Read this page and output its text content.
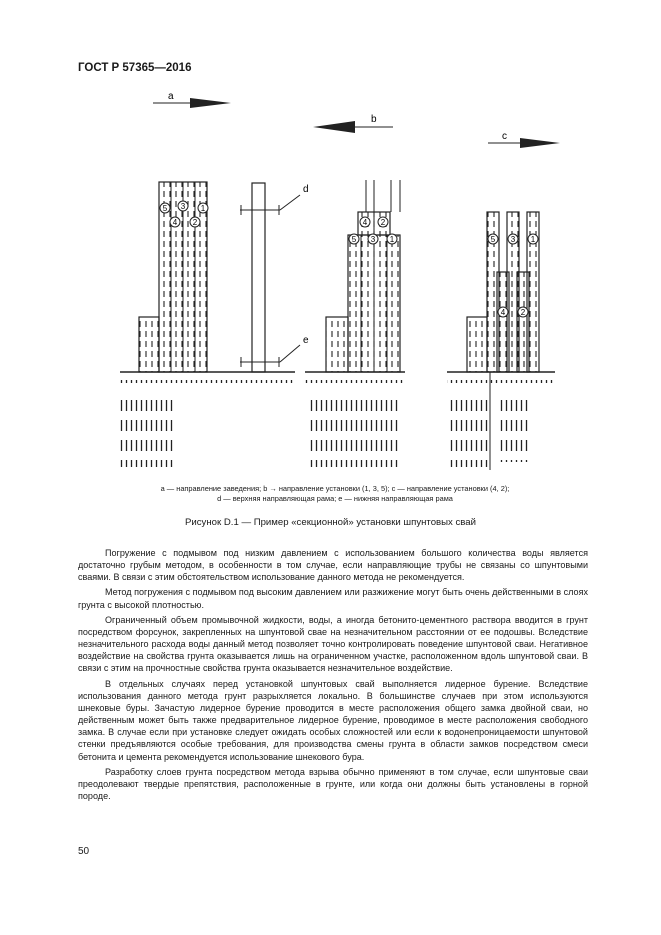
ГОСТ Р 57365—2016
a
b
c
d
e
5 3 1
4 2	4 2
5 3 1	5 3 1
4 2
a — направление заведения; b → направление установки (1, 3, 5); c — направление установки (4, 2);
d — верхняя направляющая рама; e — нижняя направляющая рама
Рисунок D.1 — Пример «секционной» установки шпунтовых свай

Погружение с подмывом под низким давлением с использованием большого количества воды является достаточно грубым методом, в особенности в том случае, если направляющие трубы не связаны со шпунтовыми сваями. В связи с этим обстоятельством использование данного метода не рекомендуется.

Метод погружения с подмывом под высоким давлением или разжижение могут быть очень действенными в слоях грунта с высокой плотностью.

Ограниченный объем промывочной жидкости, воды, а иногда бетонито-цементного раствора вводится в грунт посредством форсунок, закрепленных на шпунтовой свае на незначительном расстоянии от ее подошвы. Вследствие незначительного расхода воды данный метод позволяет точно контролировать поведение шпунтовой сваи. Негативное воздействие на свойства грунта оказывается лишь на ограниченном участке, расположенном вдоль шпунтовой сваи. В связи с этим на прочностные свойства грунта оказывается незначительное воздействие.

В отдельных случаях перед установкой шпунтовых свай выполняется лидерное бурение. Вследствие использования данного метода грунт разрыхляется локально. В большинстве случаев при этом используются шнековые буры. Зачастую лидерное бурение проводится в месте расположения общего замка двойной сваи, но действенным может быть также предварительное лидерное бурение, проводимое в месте расположения свободного замка. В случае если при установке следует ожидать особых сложностей или если к водонепроницаемости шпунтовой стенки предъявляются особые требования, для производства смены грунта в области замков посредством смеси бетонита и цемента рекомендуется использование шнекового бура.

Разработку слоев грунта посредством метода взрыва обычно применяют в том случае, если шпунтовые сваи преодолевают твердые препятствия, расположенные в грунте, или когда они должны быть установлены в горной породе.

50
